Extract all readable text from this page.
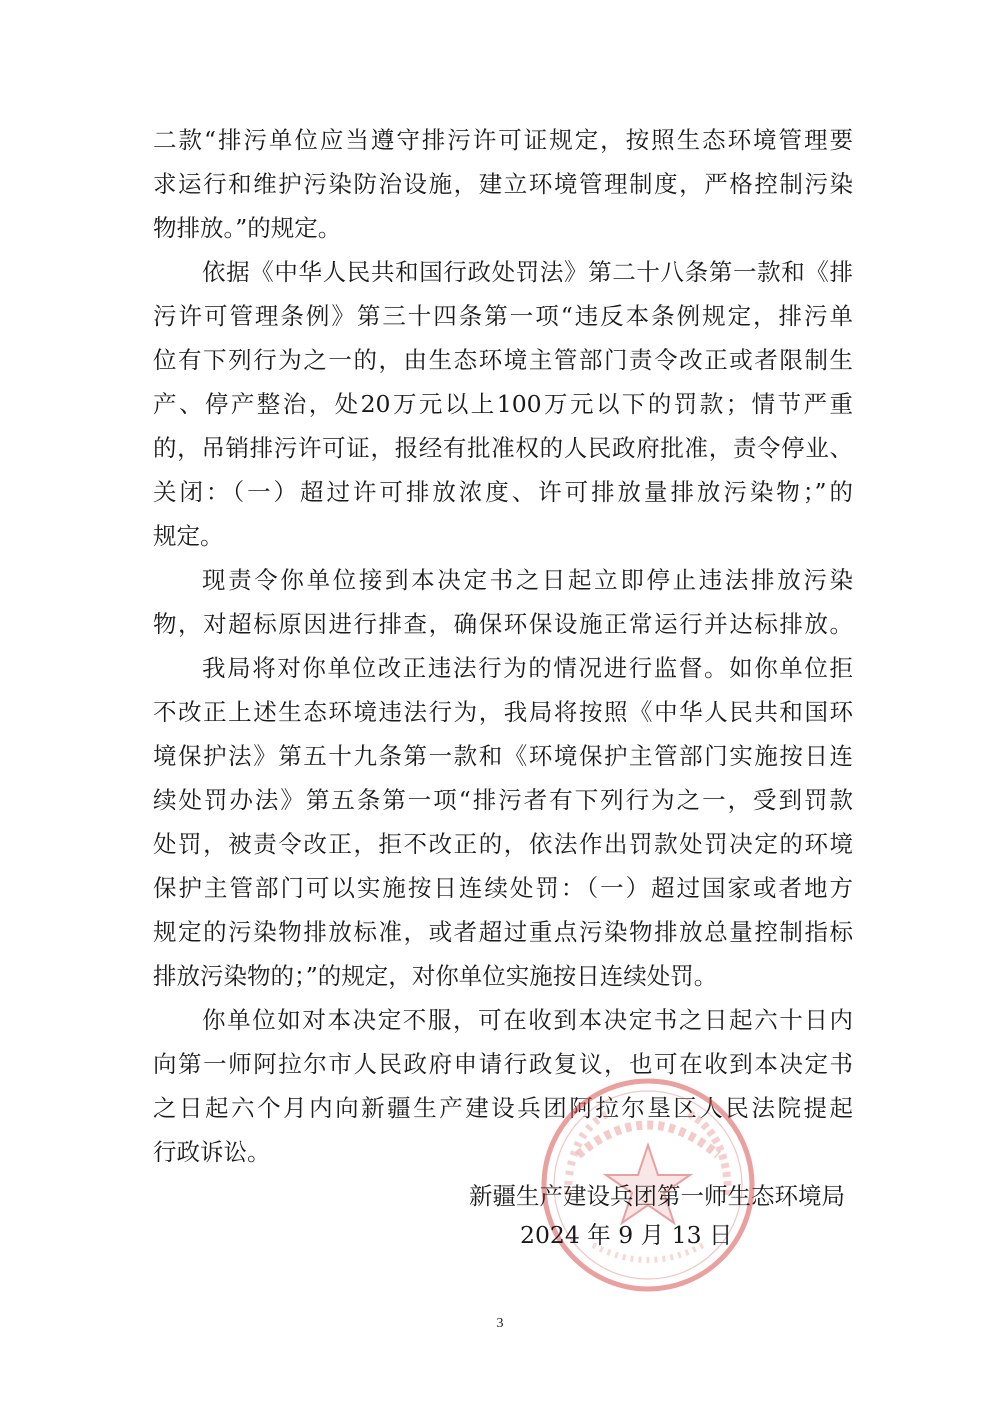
二款“排污单位应当遵守排污许可证规定，按照生态环境管理要
求运行和维护污染防治设施，建立环境管理制度，严格控制污染
物排放。”的规定。
依据《中华人民共和国行政处罚法》第二十八条第一款和《排
污许可管理条例》第三十四条第一项“违反本条例规定，排污单
位有下列行为之一的，由生态环境主管部门责令改正或者限制生
产、停产整治，处20万元以上100万元以下的罚款；情节严重
的，吊销排污许可证，报经有批准权的人民政府批准，责令停业、
关闭：（一）超过许可排放浓度、许可排放量排放污染物；”的
规定。
现责令你单位接到本决定书之日起立即停止违法排放污染
物，对超标原因进行排查，确保环保设施正常运行并达标排放。
我局将对你单位改正违法行为的情况进行监督。如你单位拒
不改正上述生态环境违法行为，我局将按照《中华人民共和国环
境保护法》第五十九条第一款和《环境保护主管部门实施按日连
续处罚办法》第五条第一项“排污者有下列行为之一，受到罚款
处罚，被责令改正，拒不改正的，依法作出罚款处罚决定的环境
保护主管部门可以实施按日连续处罚：（一）超过国家或者地方
规定的污染物排放标准，或者超过重点污染物排放总量控制指标
排放污染物的；”的规定，对你单位实施按日连续处罚。
你单位如对本决定不服，可在收到本决定书之日起六十日内
向第一师阿拉尔市人民政府申请行政复议，也可在收到本决定书
之日起六个月内向新疆生产建设兵团阿拉尔垦区人民法院提起
行政诉讼。
新疆生产建设兵团第一师生态环境局
2024 年 9 月 13 日
3
